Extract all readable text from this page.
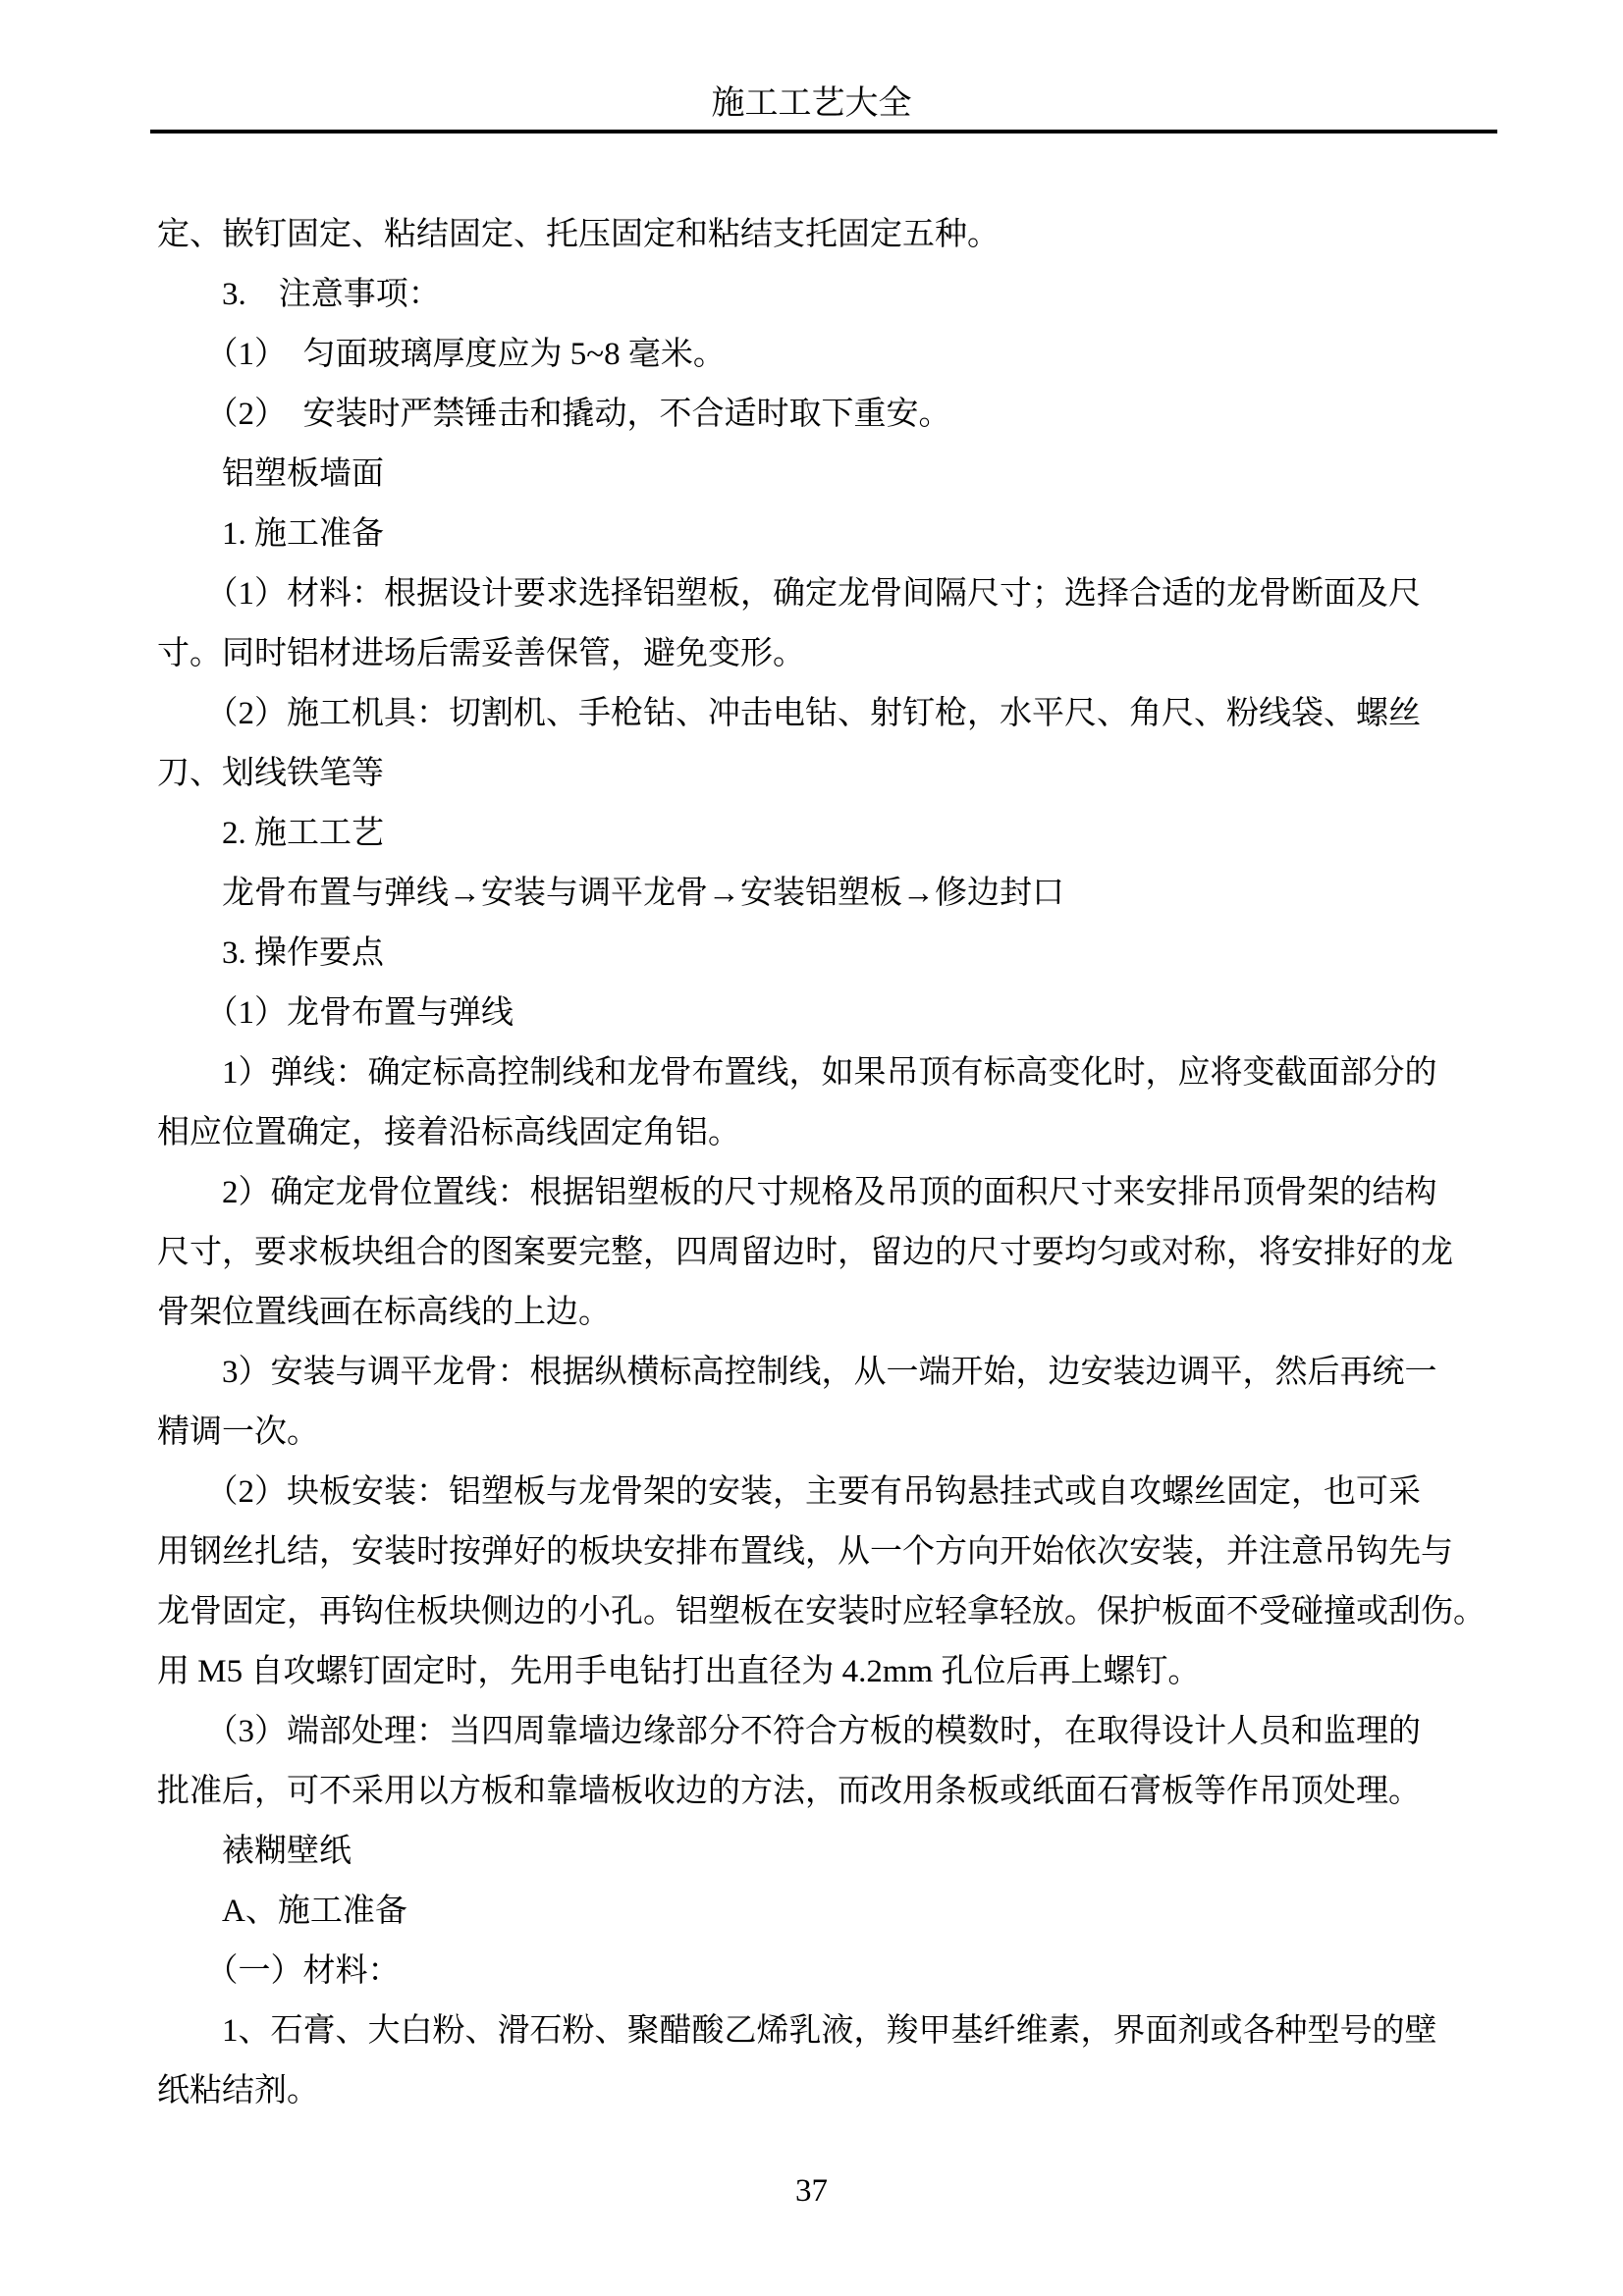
施工工艺大全
定、嵌钉固定、粘结固定、托压固定和粘结支托固定五种。
　　3.　注意事项：
　　（1）　匀面玻璃厚度应为 5~8 毫米。
　　（2）　安装时严禁锤击和撬动，不合适时取下重安。
　　铝塑板墙面
　　1. 施工准备
　　（1）材料：根据设计要求选择铝塑板，确定龙骨间隔尺寸；选择合适的龙骨断面及尺
寸。同时铝材进场后需妥善保管，避免变形。
　　（2）施工机具：切割机、手枪钻、冲击电钻、射钉枪，水平尺、角尺、粉线袋、螺丝
刀、划线铁笔等
　　2. 施工工艺
　　龙骨布置与弹线→安装与调平龙骨→安装铝塑板→修边封口
　　3. 操作要点
　　（1）龙骨布置与弹线
　　1）弹线：确定标高控制线和龙骨布置线，如果吊顶有标高变化时，应将变截面部分的
相应位置确定，接着沿标高线固定角铝。
　　2）确定龙骨位置线：根据铝塑板的尺寸规格及吊顶的面积尺寸来安排吊顶骨架的结构
尺寸，要求板块组合的图案要完整，四周留边时，留边的尺寸要均匀或对称，将安排好的龙
骨架位置线画在标高线的上边。
　　3）安装与调平龙骨：根据纵横标高控制线，从一端开始，边安装边调平，然后再统一
精调一次。
　　（2）块板安装：铝塑板与龙骨架的安装，主要有吊钩悬挂式或自攻螺丝固定，也可采
用钢丝扎结，安装时按弹好的板块安排布置线，从一个方向开始依次安装，并注意吊钩先与
龙骨固定，再钩住板块侧边的小孔。铝塑板在安装时应轻拿轻放。保护板面不受碰撞或刮伤。
用 M5 自攻螺钉固定时，先用手电钻打出直径为 4.2mm 孔位后再上螺钉。
　　（3）端部处理：当四周靠墙边缘部分不符合方板的模数时，在取得设计人员和监理的
批准后，可不采用以方板和靠墙板收边的方法，而改用条板或纸面石膏板等作吊顶处理。
　　裱糊壁纸
　　A、施工准备
　　（一）材料：
　　1、石膏、大白粉、滑石粉、聚醋酸乙烯乳液，羧甲基纤维素，界面剂或各种型号的壁
纸粘结剂。
37
